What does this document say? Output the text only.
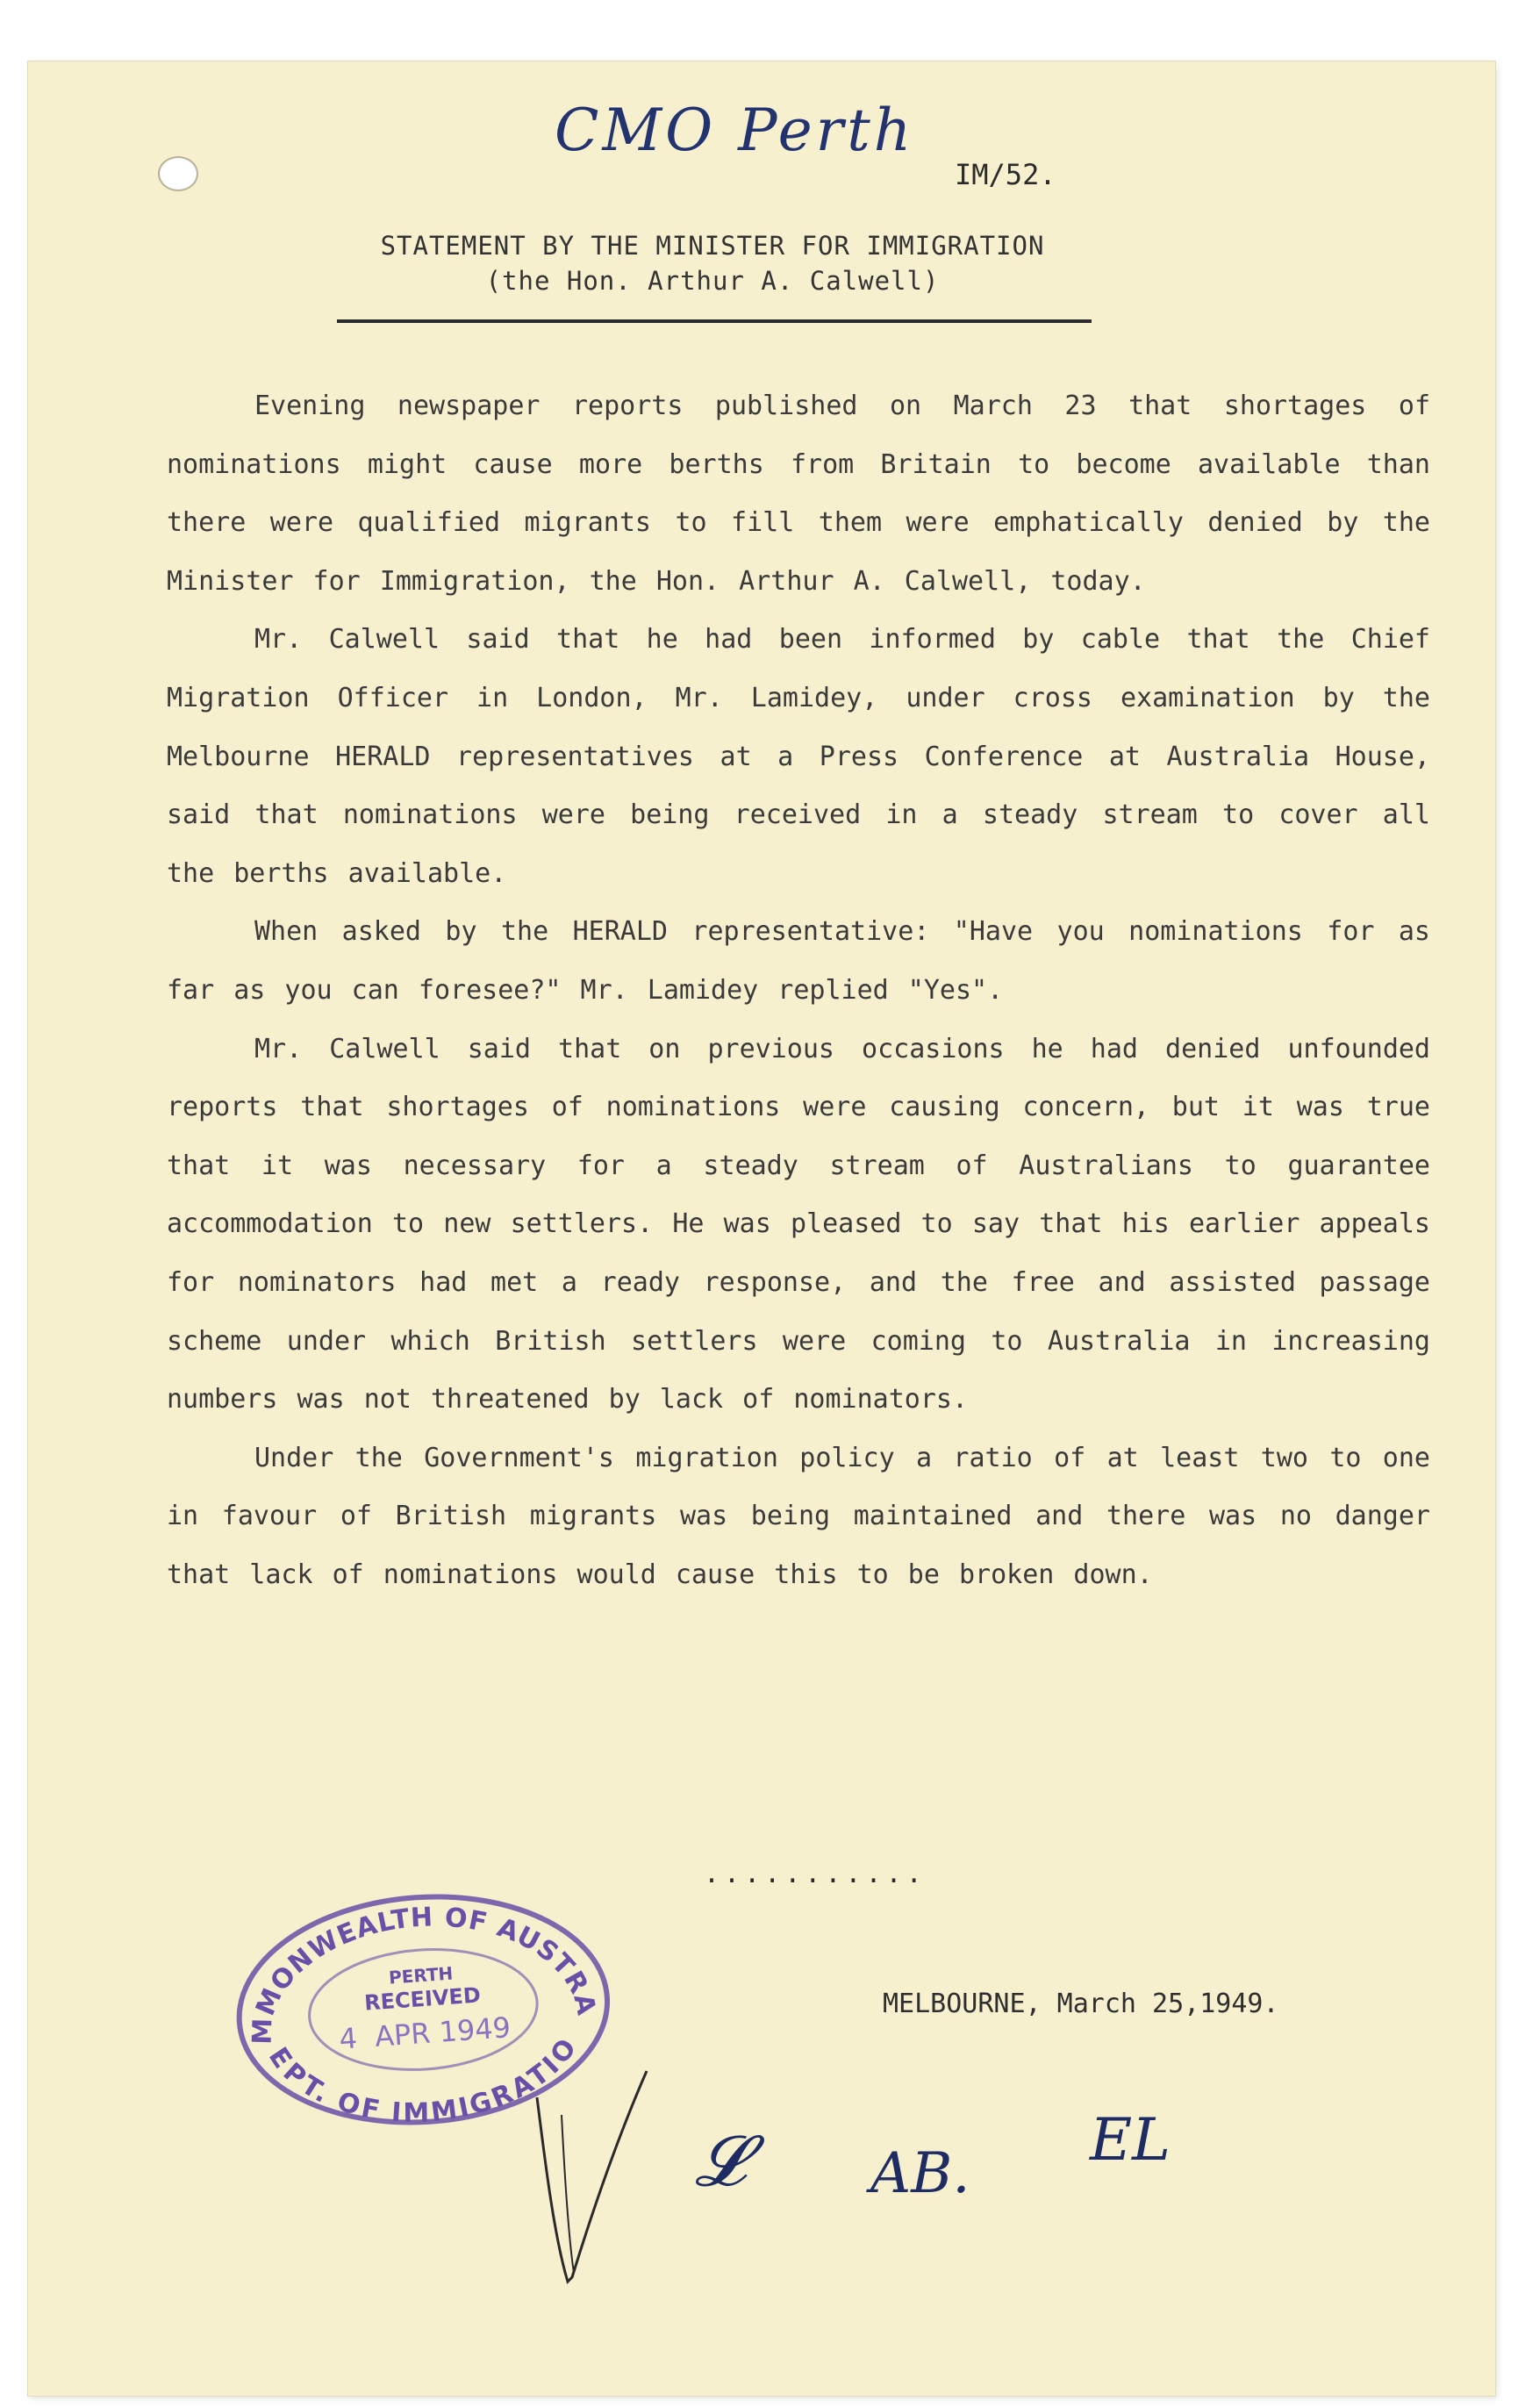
CMO Perth
IM/52.
STATEMENT BY THE MINISTER FOR IMMIGRATION
(the Hon. Arthur A. Calwell)

Evening newspaper reports published on March 23 that shortages of nominations might cause more berths from Britain to become available than there were qualified migrants to fill them were emphatically denied by the Minister for Immigration, the Hon. Arthur A. Calwell, today.

Mr. Calwell said that he had been informed by cable that the Chief Migration Officer in London, Mr. Lamidey, under cross examination by the Melbourne HERALD representatives at a Press Conference at Australia House, said that nominations were being received in a steady stream to cover all the berths available.

When asked by the HERALD representative: "Have you nominations for as far as you can foresee?" Mr. Lamidey replied "Yes".

Mr. Calwell said that on previous occasions he had denied unfounded reports that shortages of nominations were causing concern, but it was true that it was necessary for a steady stream of Australians to guarantee accommodation to new settlers. He was pleased to say that his earlier appeals for nominators had met a ready response, and the free and assisted passage scheme under which British settlers were coming to Australia in increasing numbers was not threatened by lack of nominators.

Under the Government's migration policy a ratio of at least two to one in favour of British migrants was being maintained and there was no danger that lack of nominations would cause this to be broken down.

...........
MELBOURNE, March 25,1949.
COMMONWEALTH OF AUSTRALIA
DEPT. OF IMMIGRATION.
PERTH
RECEIVED
4  APR 1949
𝓛 AB. EL
